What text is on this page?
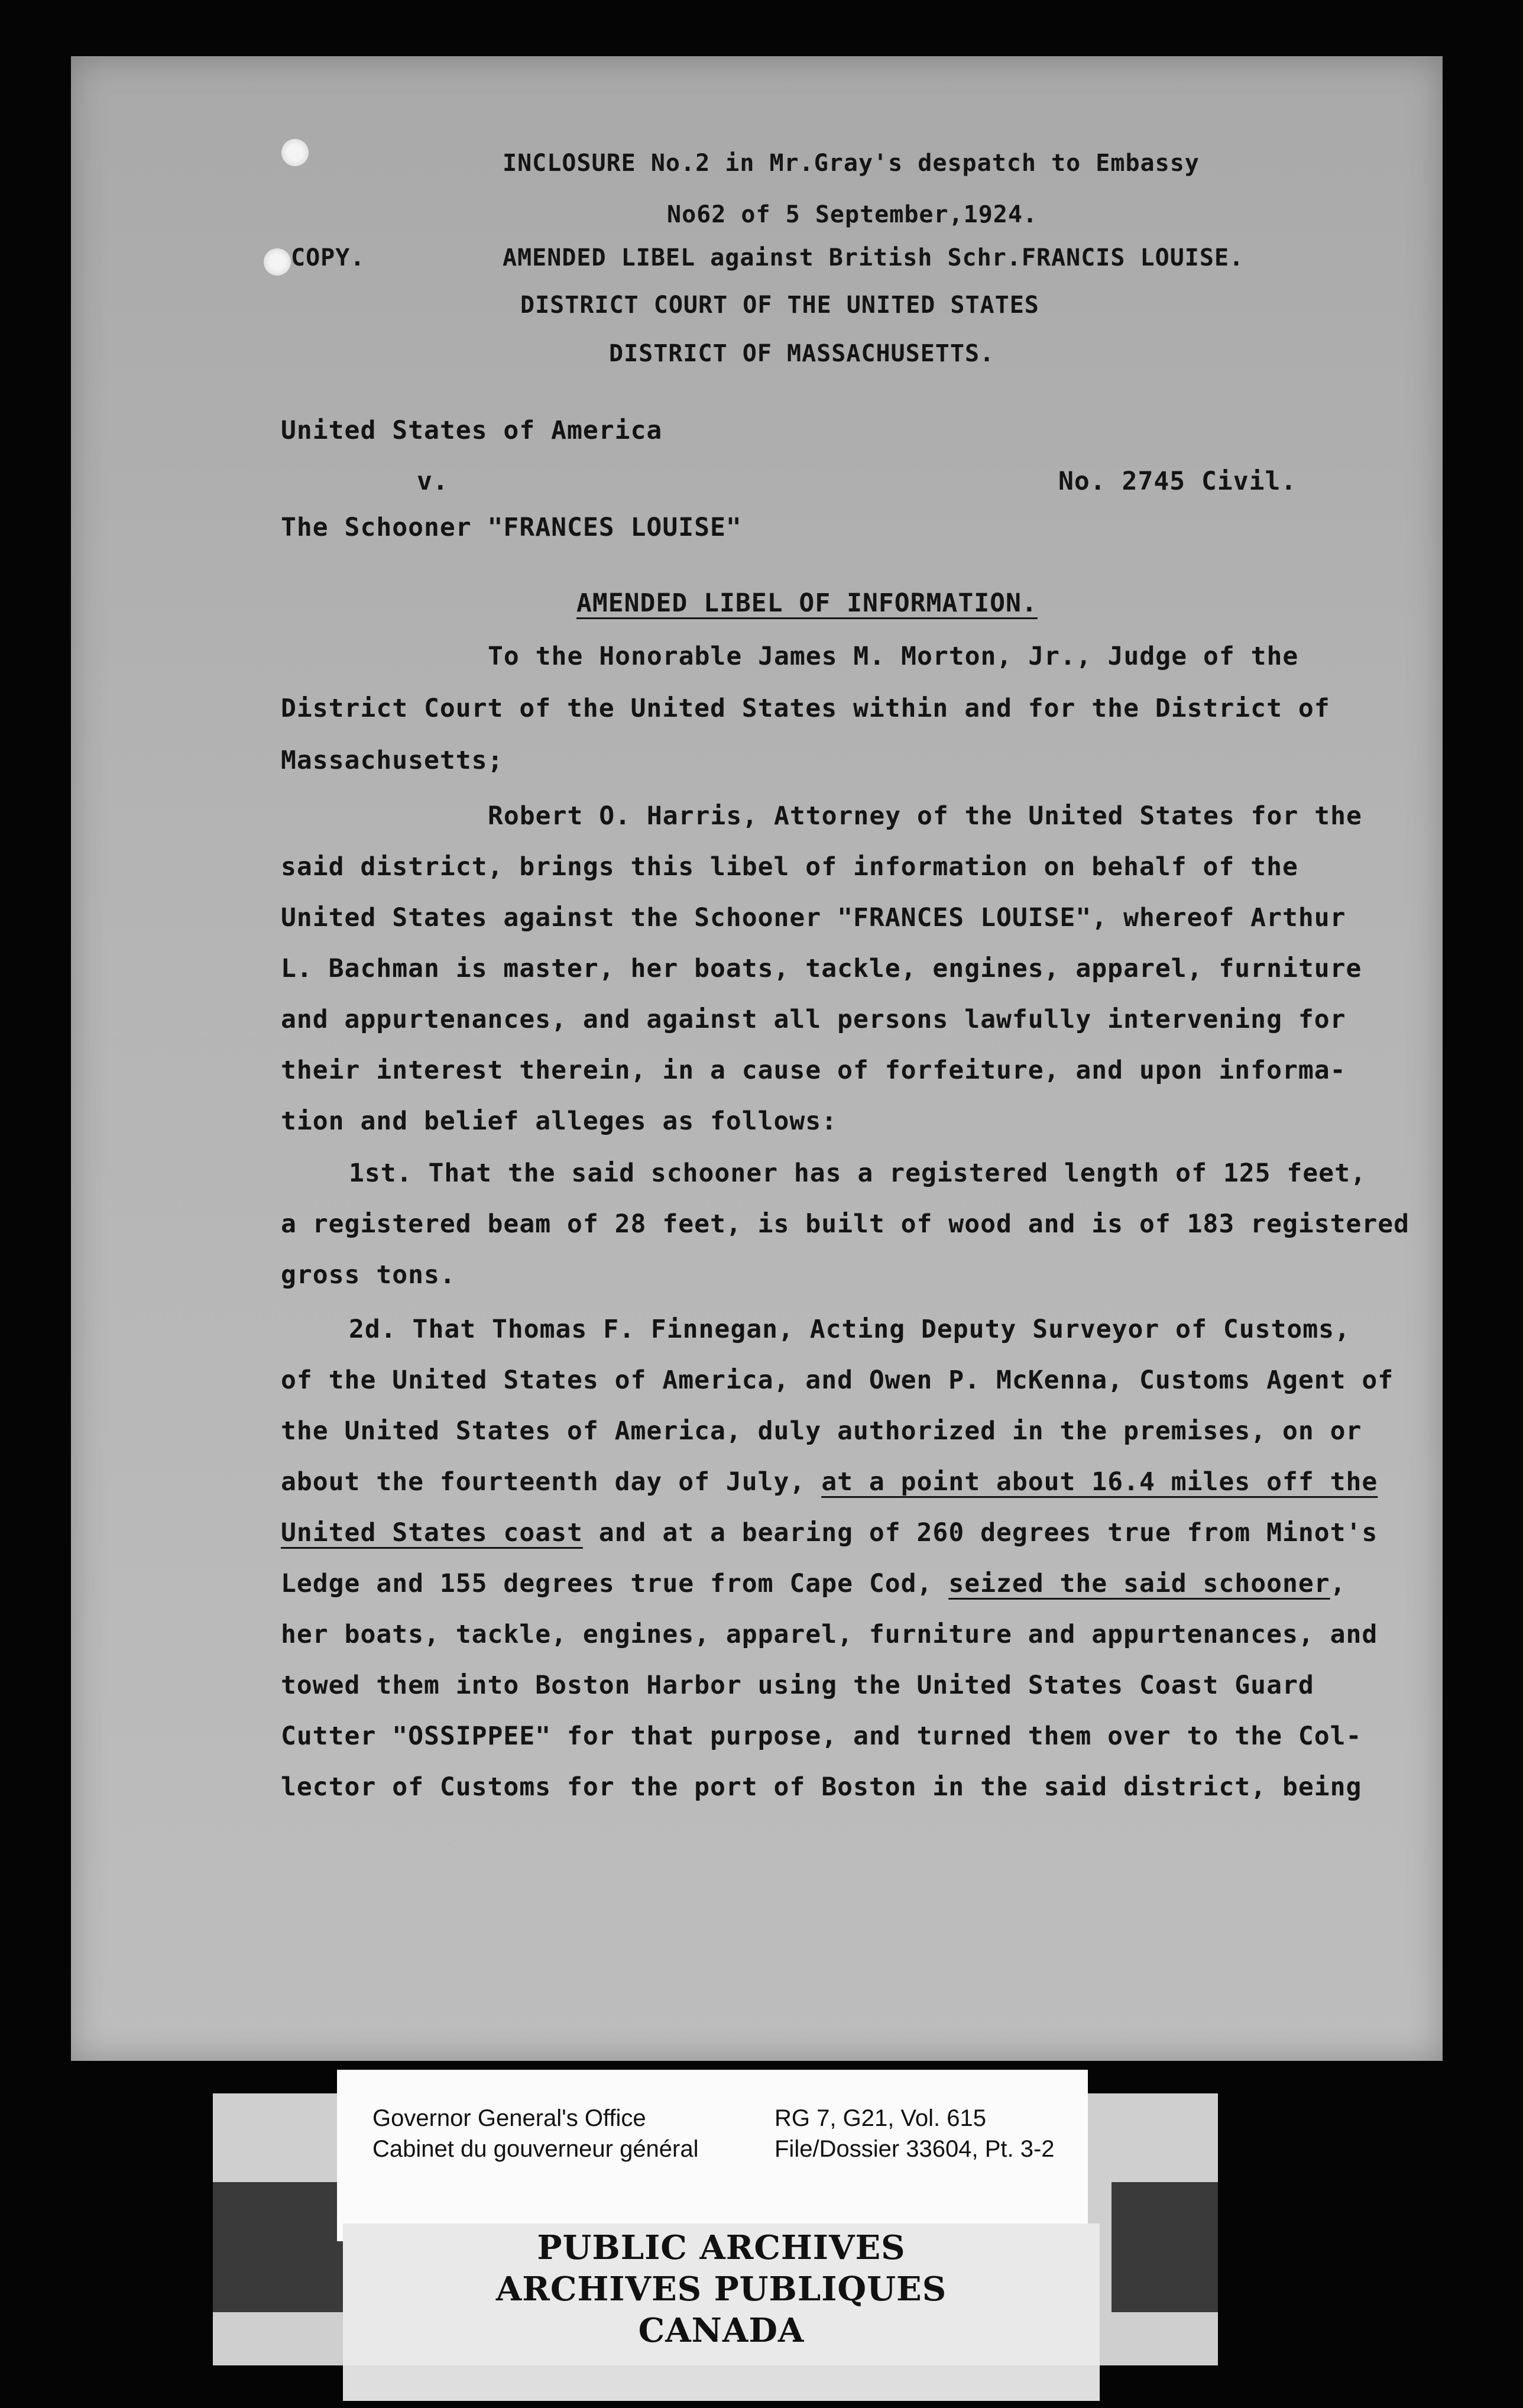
INCLOSURE No.2 in Mr.Gray's despatch to Embassy
No62 of 5 September,1924.
COPY.	AMENDED LIBEL against British Schr.FRANCIS LOUISE.
DISTRICT COURT OF THE UNITED STATES
DISTRICT OF MASSACHUSETTS.
United States of America
v.	No. 2745 Civil.
The Schooner "FRANCES LOUISE"
AMENDED LIBEL OF INFORMATION.
To the Honorable James M. Morton, Jr., Judge of the
District Court of the United States within and for the District of
Massachusetts;
Robert O. Harris, Attorney of the United States for the
said district, brings this libel of information on behalf of the
United States against the Schooner "FRANCES LOUISE", whereof Arthur
L. Bachman is master, her boats, tackle, engines, apparel, furniture
and appurtenances, and against all persons lawfully intervening for
their interest therein, in a cause of forfeiture, and upon informa-
tion and belief alleges as follows:
1st. That the said schooner has a registered length of 125 feet,
a registered beam of 28 feet, is built of wood and is of 183 registered
gross tons.
2d. That Thomas F. Finnegan, Acting Deputy Surveyor of Customs,
of the United States of America, and Owen P. McKenna, Customs Agent of
the United States of America, duly authorized in the premises, on or
about the fourteenth day of July, at a point about 16.4 miles off the
United States coast and at a bearing of 260 degrees true from Minot's
Ledge and 155 degrees true from Cape Cod, seized the said schooner,
her boats, tackle, engines, apparel, furniture and appurtenances, and
towed them into Boston Harbor using the United States Coast Guard
Cutter "OSSIPPEE" for that purpose, and turned them over to the Col-
lector of Customs for the port of Boston in the said district, being
Governor General's Office
Cabinet du gouverneur général
RG 7, G21, Vol. 615
File/Dossier 33604, Pt. 3-2
PUBLIC ARCHIVES
ARCHIVES PUBLIQUES
CANADA
